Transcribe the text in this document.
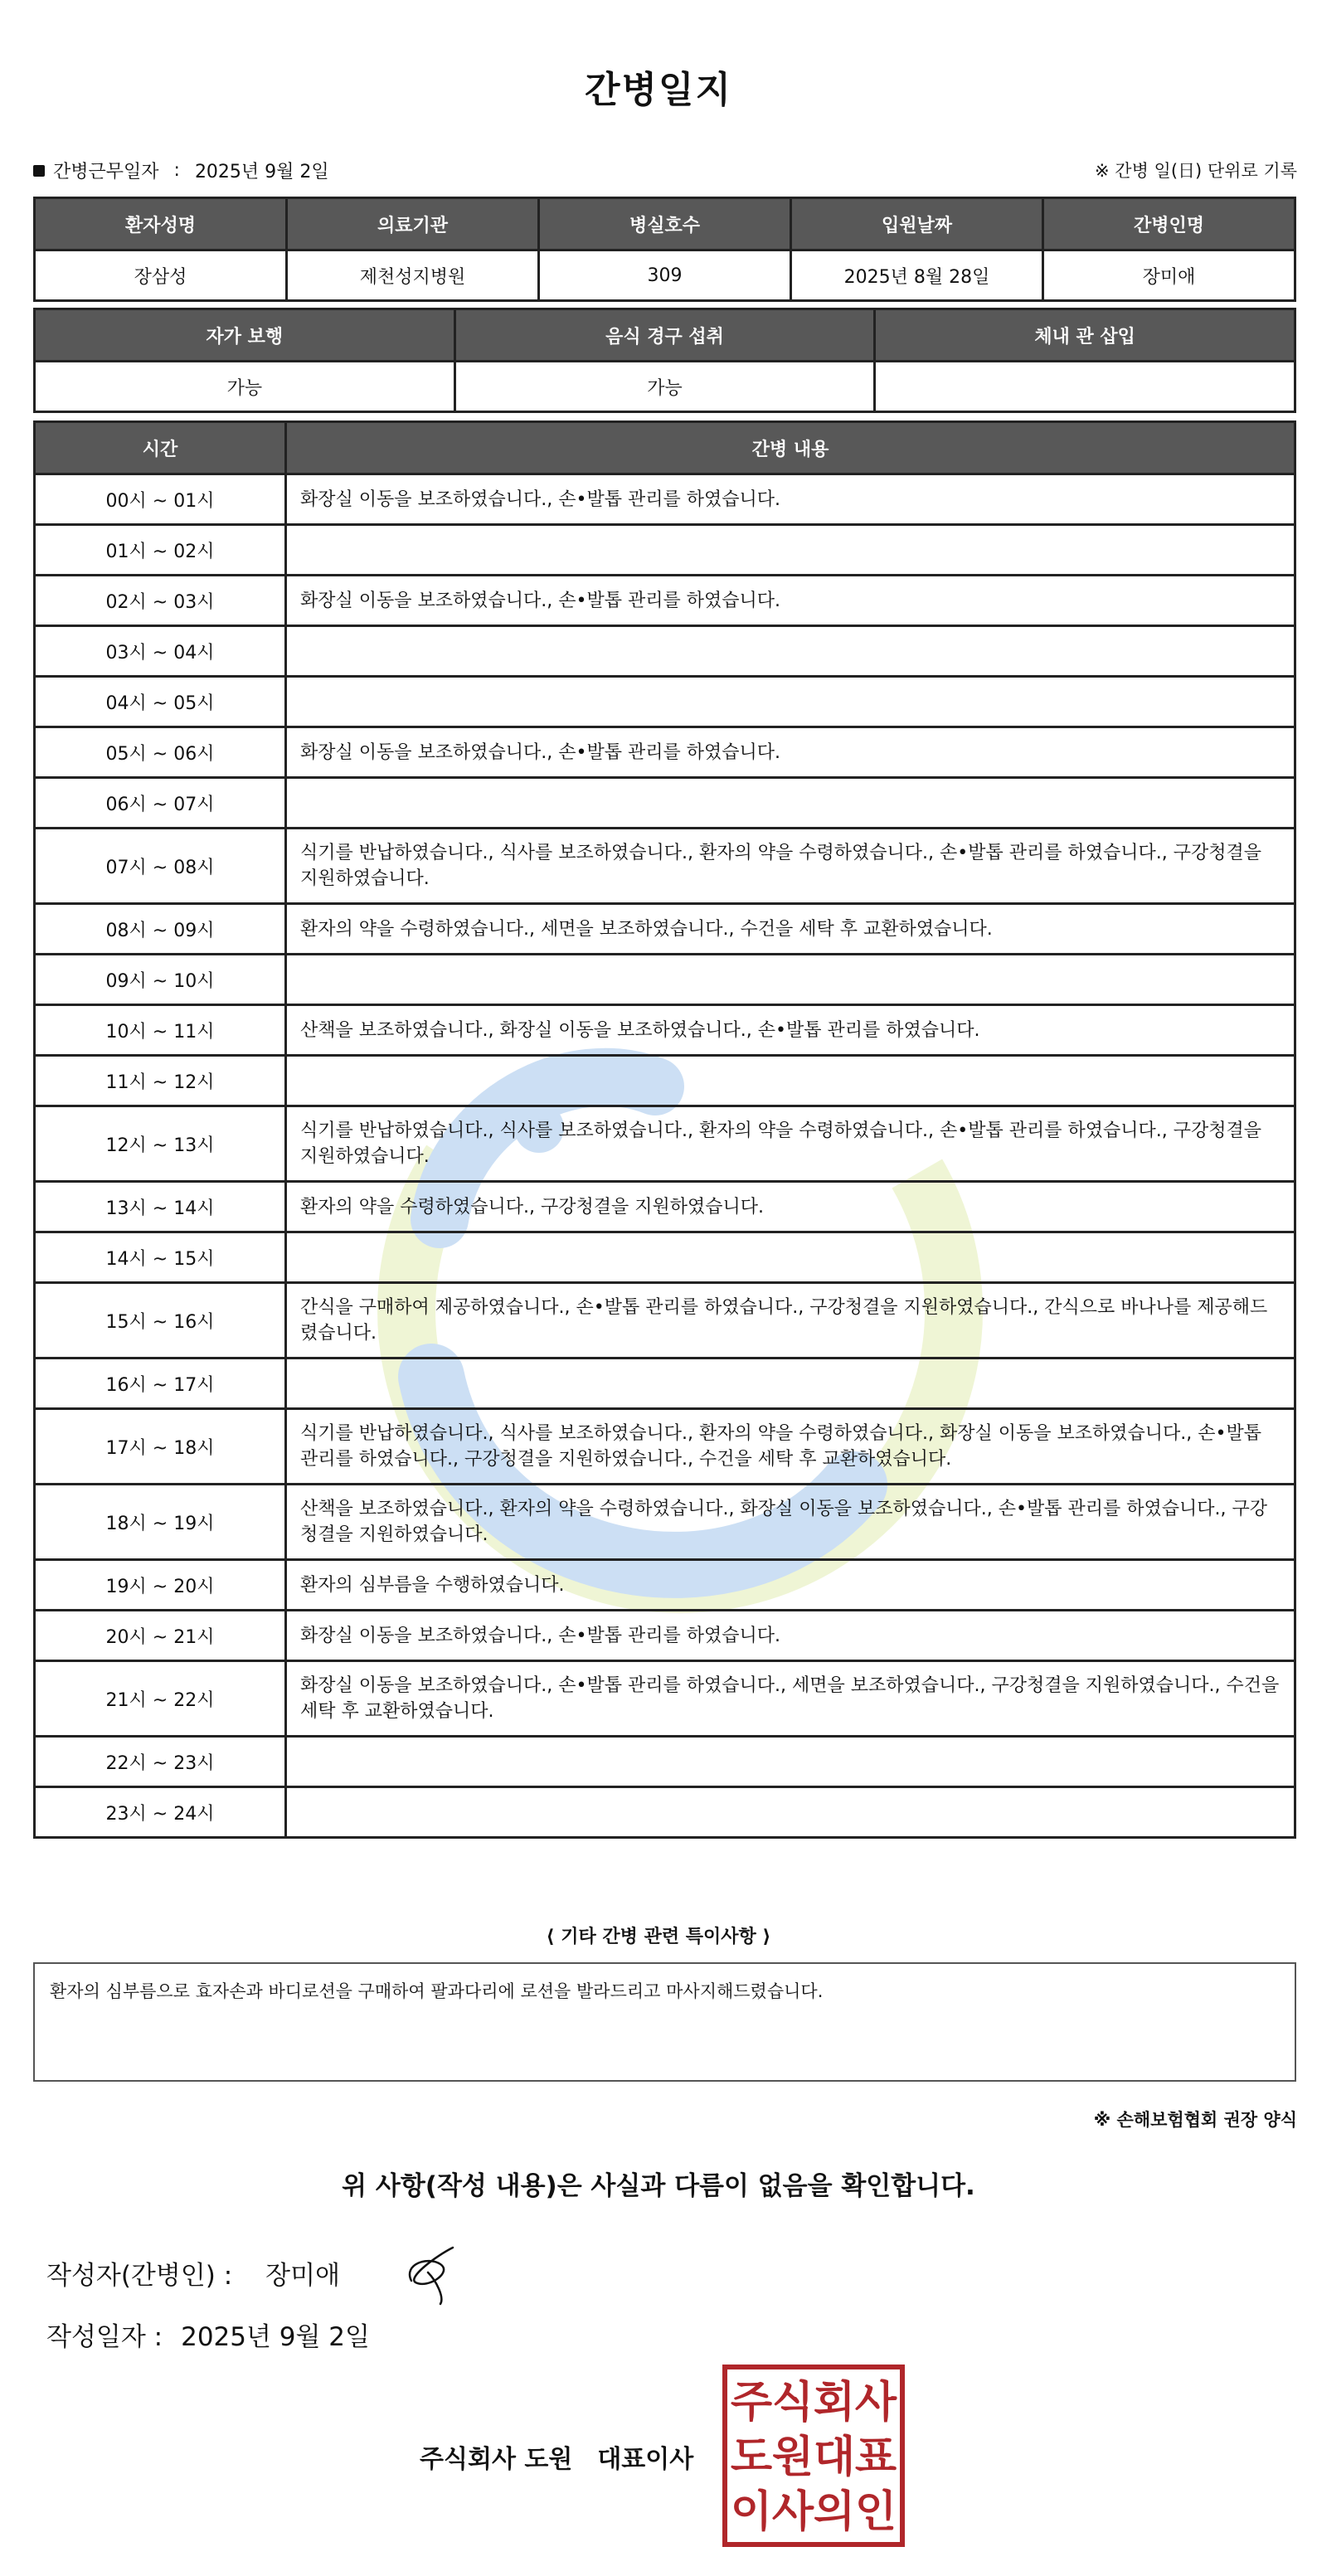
간병일지
간병근무일자 : 2025년 9월 2일	※ 간병 일(日) 단위로 기록
환자성명	의료기관	병실호수	입원날짜	간병인명
장삼성	제천성지병원	309	2025년 8월 28일	장미애
자가 보행	음식 경구 섭취	체내 관 삽입
가능	가능	
시간	간병 내용
00시 ~ 01시	화장실 이동을 보조하였습니다., 손•발톱 관리를 하였습니다.
01시 ~ 02시	
02시 ~ 03시	화장실 이동을 보조하였습니다., 손•발톱 관리를 하였습니다.
03시 ~ 04시	
04시 ~ 05시	
05시 ~ 06시	화장실 이동을 보조하였습니다., 손•발톱 관리를 하였습니다.
06시 ~ 07시	
07시 ~ 08시	식기를 반납하였습니다., 식사를 보조하였습니다., 환자의 약을 수령하였습니다., 손•발톱 관리를 하였습니다., 구강청결을 지원하였습니다.
08시 ~ 09시	환자의 약을 수령하였습니다., 세면을 보조하였습니다., 수건을 세탁 후 교환하였습니다.
09시 ~ 10시	
10시 ~ 11시	산책을 보조하였습니다., 화장실 이동을 보조하였습니다., 손•발톱 관리를 하였습니다.
11시 ~ 12시	
12시 ~ 13시	식기를 반납하였습니다., 식사를 보조하였습니다., 환자의 약을 수령하였습니다., 손•발톱 관리를 하였습니다., 구강청결을 지원하였습니다.
13시 ~ 14시	환자의 약을 수령하였습니다., 구강청결을 지원하였습니다.
14시 ~ 15시	
15시 ~ 16시	간식을 구매하여 제공하였습니다., 손•발톱 관리를 하였습니다., 구강청결을 지원하였습니다., 간식으로 바나나를 제공해드렸습니다.
16시 ~ 17시	
17시 ~ 18시	식기를 반납하였습니다., 식사를 보조하였습니다., 환자의 약을 수령하였습니다., 화장실 이동을 보조하였습니다., 손•발톱 관리를 하였습니다., 구강청결을 지원하였습니다., 수건을 세탁 후 교환하였습니다.
18시 ~ 19시	산책을 보조하였습니다., 환자의 약을 수령하였습니다., 화장실 이동을 보조하였습니다., 손•발톱 관리를 하였습니다., 구강청결을 지원하였습니다.
19시 ~ 20시	환자의 심부름을 수행하였습니다.
20시 ~ 21시	화장실 이동을 보조하였습니다., 손•발톱 관리를 하였습니다.
21시 ~ 22시	화장실 이동을 보조하였습니다., 손•발톱 관리를 하였습니다., 세면을 보조하였습니다., 구강청결을 지원하였습니다., 수건을 세탁 후 교환하였습니다.
22시 ~ 23시	
23시 ~ 24시	
⟨ 기타 간병 관련 특이사항 ⟩
환자의 심부름으로 효자손과 바디로션을 구매하여 팔과다리에 로션을 발라드리고 마사지해드렸습니다.
※ 손해보험협회 권장 양식
위 사항(작성 내용)은 사실과 다름이 없음을 확인합니다.
작성자(간병인) : 장미애
작성일자 : 2025년 9월 2일
주식회사 도원 대표이사
주 식 회 사
도 원 대 표
이 사 의 인
